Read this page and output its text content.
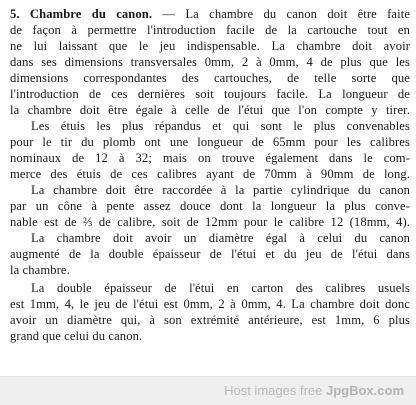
5. Chambre du canon. — La chambre du canon doit être faite
de façon à permettre l'introduction facile de la cartouche tout en
ne lui laissant que le jeu indispensable. La chambre doit avoir
dans ses dimensions transversales 0mm, 2 à 0mm, 4 de plus que les
dimensions correspondantes des cartouches, de telle sorte que
l'introduction de ces dernières soit toujours facile. La longueur de
la chambre doit être égale à celle de l'étui que l'on compte y tirer.
Les étuis les plus répandus et qui sont le plus convenables
pour le tir du plomb ont une longueur de 65mm pour les calibres
nominaux de 12 à 32; mais on trouve également dans le com-
merce des étuis de ces calibres ayant de 70mm à 90mm de long.
La chambre doit être raccordée à la partie cylindrique du canon
par un cône à pente assez douce dont la longueur la plus conve-
nable est de ⅔ de calibre, soit de 12mm pour le calibre 12 (18mm, 4).
La chambre doit avoir un diamètre égal à celui du canon
augmenté de la double épaisseur de l'étui et du jeu de l'étui dans
la chambre.
La double épaisseur de l'étui en carton des calibres usuels
est 1mm, 4, le jeu de l'étui est 0mm, 2 à 0mm, 4. La chambre doit donc
avoir un diamètre qui, à son extrémité antérieure, est 1mm, 6 plus
grand que celui du canon.
Host images free JpgBox.com
